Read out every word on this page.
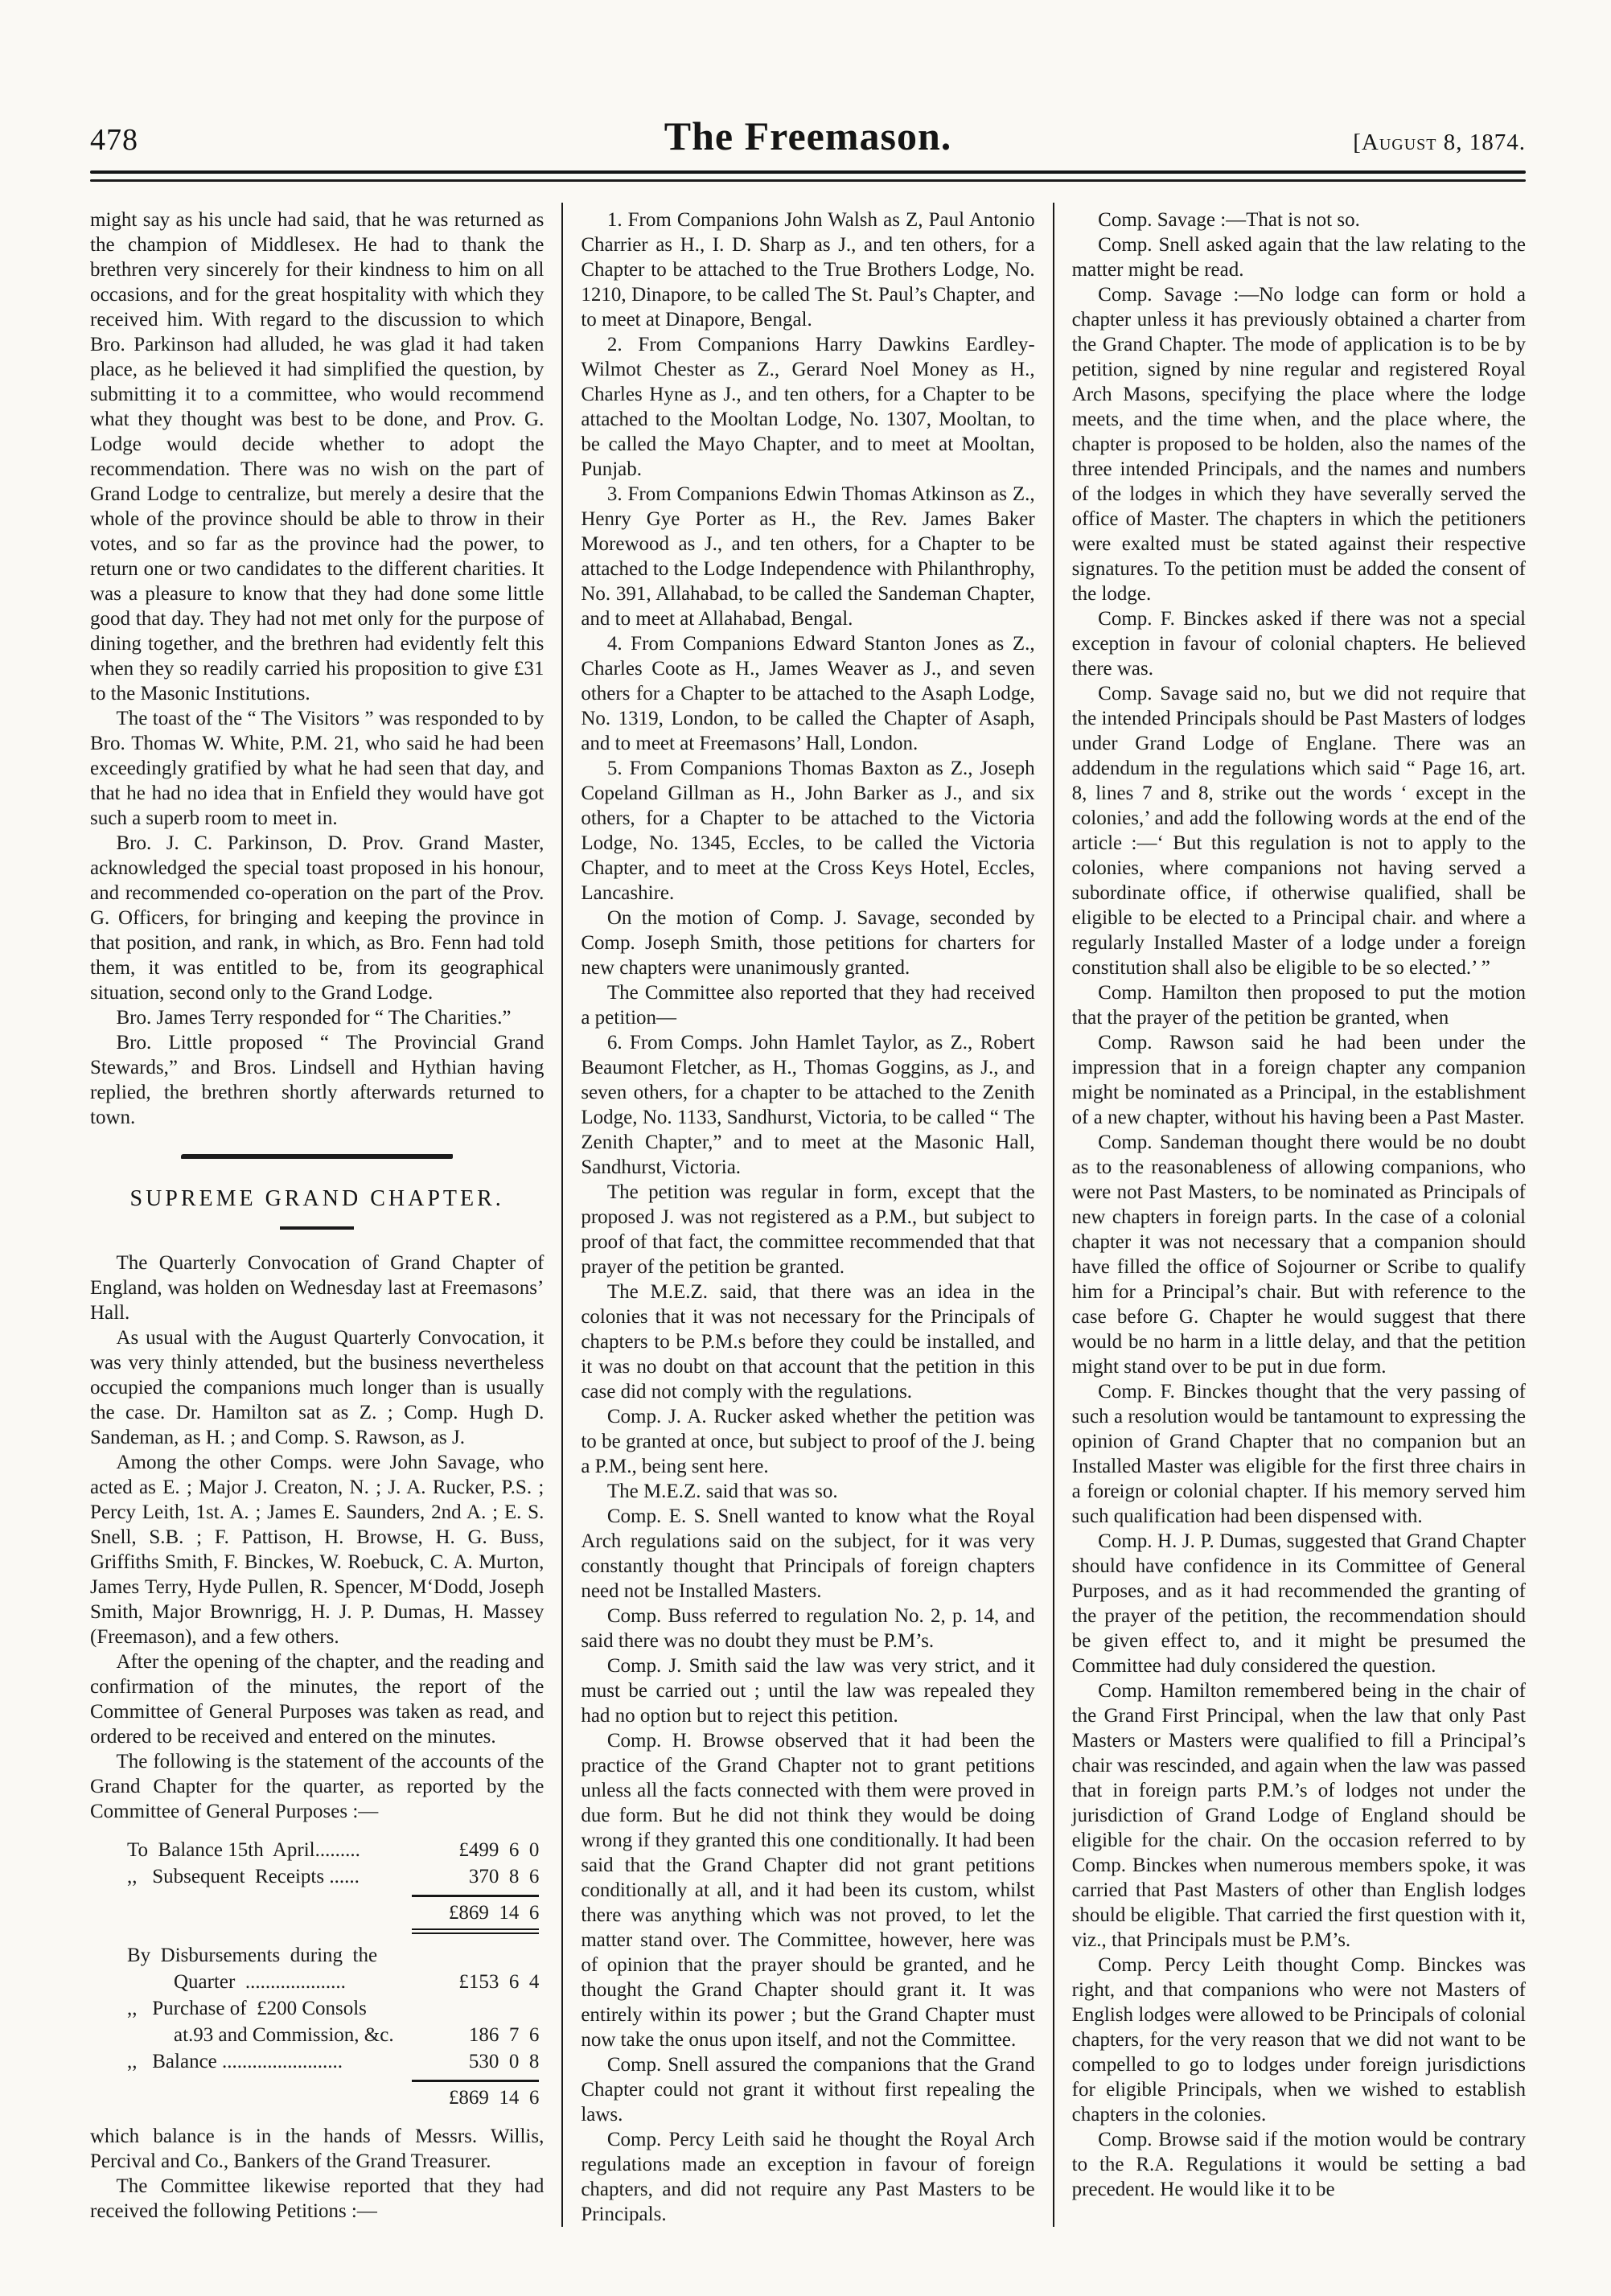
478	The Freemason.	[August 8, 1874.

might say as his uncle had said, that he was returned as the champion of Middlesex. He had to thank the brethren very sincerely for their kindness to him on all occasions, and for the great hospitality with which they received him. With regard to the discussion to which Bro. Parkinson had alluded, he was glad it had taken place, as he believed it had simplified the question, by submitting it to a committee, who would recommend what they thought was best to be done, and Prov. G. Lodge would decide whether to adopt the recommendation. There was no wish on the part of Grand Lodge to centralize, but merely a desire that the whole of the province should be able to throw in their votes, and so far as the province had the power, to return one or two candidates to the different charities. It was a pleasure to know that they had done some little good that day. They had not met only for the purpose of dining together, and the brethren had evidently felt this when they so readily carried his proposition to give £31 to the Masonic Institutions.

The toast of the “ The Visitors ” was responded to by Bro. Thomas W. White, P.M. 21, who said he had been exceedingly gratified by what he had seen that day, and that he had no idea that in Enfield they would have got such a superb room to meet in.

Bro. J. C. Parkinson, D. Prov. Grand Master, acknowledged the special toast proposed in his honour, and recommended co-operation on the part of the Prov. G. Officers, for bringing and keeping the province in that position, and rank, in which, as Bro. Fenn had told them, it was entitled to be, from its geographical situation, second only to the Grand Lodge.

Bro. James Terry responded for “ The Charities.”

Bro. Little proposed “ The Provincial Grand Stewards,” and Bros. Lindsell and Hythian having replied, the brethren shortly afterwards returned to town.

SUPREME GRAND CHAPTER.

The Quarterly Convocation of Grand Chapter of England, was holden on Wednesday last at Freemasons’ Hall.

As usual with the August Quarterly Convocation, it was very thinly attended, but the business nevertheless occupied the companions much longer than is usually the case. Dr. Hamilton sat as Z. ; Comp. Hugh D. Sandeman, as H. ; and Comp. S. Rawson, as J.

Among the other Comps. were John Savage, who acted as E. ; Major J. Creaton, N. ; J. A. Rucker, P.S. ; Percy Leith, 1st. A. ; James E. Saunders, 2nd A. ; E. S. Snell, S.B. ; F. Pattison, H. Browse, H. G. Buss, Griffiths Smith, F. Binckes, W. Roebuck, C. A. Murton, James Terry, Hyde Pullen, R. Spencer, M‘Dodd, Joseph Smith, Major Brownrigg, H. J. P. Dumas, H. Massey (Freemason), and a few others.

After the opening of the chapter, and the reading and confirmation of the minutes, the report of the Committee of General Purposes was taken as read, and ordered to be received and entered on the minutes.

The following is the statement of the accounts of the Grand Chapter for the quarter, as reported by the Committee of General Purposes :—

To  Balance 15th  April.........	£499  6  0
,,   Subsequent  Receipts ......	370  8  6
£869  14  6
By  Disbursements  during  the
Quarter  ....................	£153  6  4
,,   Purchase of  £200 Consols
at.93 and Commission, &c.	186  7  6
,,   Balance ........................	530  0  8
£869  14  6

which balance is in the hands of Messrs. Willis, Percival and Co., Bankers of the Grand Treasurer.

The Committee likewise reported that they had received the following Petitions :—

1. From Companions John Walsh as Z, Paul Antonio Charrier as H., I. D. Sharp as J., and ten others, for a Chapter to be attached to the True Brothers Lodge, No. 1210, Dinapore, to be called The St. Paul’s Chapter, and to meet at Dinapore, Bengal.

2. From Companions Harry Dawkins Eardley-Wilmot Chester as Z., Gerard Noel Money as H., Charles Hyne as J., and ten others, for a Chapter to be attached to the Mooltan Lodge, No. 1307, Mooltan, to be called the Mayo Chapter, and to meet at Mooltan, Punjab.

3. From Companions Edwin Thomas Atkinson as Z., Henry Gye Porter as H., the Rev. James Baker Morewood as J., and ten others, for a Chapter to be attached to the Lodge Independence with Philanthrophy, No. 391, Allahabad, to be called the Sandeman Chapter, and to meet at Allahabad, Bengal.

4. From Companions Edward Stanton Jones as Z., Charles Coote as H., James Weaver as J., and seven others for a Chapter to be attached to the Asaph Lodge, No. 1319, London, to be called the Chapter of Asaph, and to meet at Freemasons’ Hall, London.

5. From Companions Thomas Baxton as Z., Joseph Copeland Gillman as H., John Barker as J., and six others, for a Chapter to be attached to the Victoria Lodge, No. 1345, Eccles, to be called the Victoria Chapter, and to meet at the Cross Keys Hotel, Eccles, Lancashire.

On the motion of Comp. J. Savage, seconded by Comp. Joseph Smith, those petitions for charters for new chapters were unanimously granted.

The Committee also reported that they had received a petition—

6. From Comps. John Hamlet Taylor, as Z., Robert Beaumont Fletcher, as H., Thomas Goggins, as J., and seven others, for a chapter to be attached to the Zenith Lodge, No. 1133, Sandhurst, Victoria, to be called “ The Zenith Chapter,” and to meet at the Masonic Hall, Sandhurst, Victoria.

The petition was regular in form, except that the proposed J. was not registered as a P.M., but subject to proof of that fact, the committee recommended that that prayer of the petition be granted.

The M.E.Z. said, that there was an idea in the colonies that it was not necessary for the Principals of chapters to be P.M.s before they could be installed, and it was no doubt on that account that the petition in this case did not comply with the regulations.

Comp. J. A. Rucker asked whether the petition was to be granted at once, but subject to proof of the J. being a P.M., being sent here.

The M.E.Z. said that was so.

Comp. E. S. Snell wanted to know what the Royal Arch regulations said on the subject, for it was very constantly thought that Principals of foreign chapters need not be Installed Masters.

Comp. Buss referred to regulation No. 2, p. 14, and said there was no doubt they must be P.M’s.

Comp. J. Smith said the law was very strict, and it must be carried out ; until the law was repealed they had no option but to reject this petition.

Comp. H. Browse observed that it had been the practice of the Grand Chapter not to grant petitions unless all the facts connected with them were proved in due form. But he did not think they would be doing wrong if they granted this one conditionally. It had been said that the Grand Chapter did not grant petitions conditionally at all, and it had been its custom, whilst there was anything which was not proved, to let the matter stand over. The Committee, however, here was of opinion that the prayer should be granted, and he thought the Grand Chapter should grant it. It was entirely within its power ; but the Grand Chapter must now take the onus upon itself, and not the Committee.

Comp. Snell assured the companions that the Grand Chapter could not grant it without first repealing the laws.

Comp. Percy Leith said he thought the Royal Arch regulations made an exception in favour of foreign chapters, and did not require any Past Masters to be Principals.

Comp. Savage :—That is not so.

Comp. Snell asked again that the law relating to the matter might be read.

Comp. Savage :—No lodge can form or hold a chapter unless it has previously obtained a charter from the Grand Chapter. The mode of application is to be by petition, signed by nine regular and registered Royal Arch Masons, specifying the place where the lodge meets, and the time when, and the place where, the chapter is proposed to be holden, also the names of the three intended Principals, and the names and numbers of the lodges in which they have severally served the office of Master. The chapters in which the petitioners were exalted must be stated against their respective signatures. To the petition must be added the consent of the lodge.

Comp. F. Binckes asked if there was not a special exception in favour of colonial chapters. He believed there was.

Comp. Savage said no, but we did not require that the intended Principals should be Past Masters of lodges under Grand Lodge of Englane. There was an addendum in the regulations which said “ Page 16, art. 8, lines 7 and 8, strike out the words ‘ except in the colonies,’ and add the following words at the end of the article :—‘ But this regulation is not to apply to the colonies, where companions not having served a subordinate office, if otherwise qualified, shall be eligible to be elected to a Principal chair. and where a regularly Installed Master of a lodge under a foreign constitution shall also be eligible to be so elected.’ ”

Comp. Hamilton then proposed to put the motion that the prayer of the petition be granted, when

Comp. Rawson said he had been under the impression that in a foreign chapter any companion might be nominated as a Principal, in the establishment of a new chapter, without his having been a Past Master.

Comp. Sandeman thought there would be no doubt as to the reasonableness of allowing companions, who were not Past Masters, to be nominated as Principals of new chapters in foreign parts. In the case of a colonial chapter it was not necessary that a companion should have filled the office of Sojourner or Scribe to qualify him for a Principal’s chair. But with reference to the case before G. Chapter he would suggest that there would be no harm in a little delay, and that the petition might stand over to be put in due form.

Comp. F. Binckes thought that the very passing of such a resolution would be tantamount to expressing the opinion of Grand Chapter that no companion but an Installed Master was eligible for the first three chairs in a foreign or colonial chapter. If his memory served him such qualification had been dispensed with.

Comp. H. J. P. Dumas, suggested that Grand Chapter should have confidence in its Committee of General Purposes, and as it had recommended the granting of the prayer of the petition, the recommendation should be given effect to, and it might be presumed the Committee had duly considered the question.

Comp. Hamilton remembered being in the chair of the Grand First Principal, when the law that only Past Masters or Masters were qualified to fill a Principal’s chair was rescinded, and again when the law was passed that in foreign parts P.M.’s of lodges not under the jurisdiction of Grand Lodge of England should be eligible for the chair. On the occasion referred to by Comp. Binckes when numerous members spoke, it was carried that Past Masters of other than English lodges should be eligible. That carried the first question with it, viz., that Principals must be P.M’s.

Comp. Percy Leith thought Comp. Binckes was right, and that companions who were not Masters of English lodges were allowed to be Principals of colonial chapters, for the very reason that we did not want to be compelled to go to lodges under foreign jurisdictions for eligible Principals, when we wished to establish chapters in the colonies.

Comp. Browse said if the motion would be contrary to the R.A. Regulations it would be setting a bad precedent. He would like it to be
